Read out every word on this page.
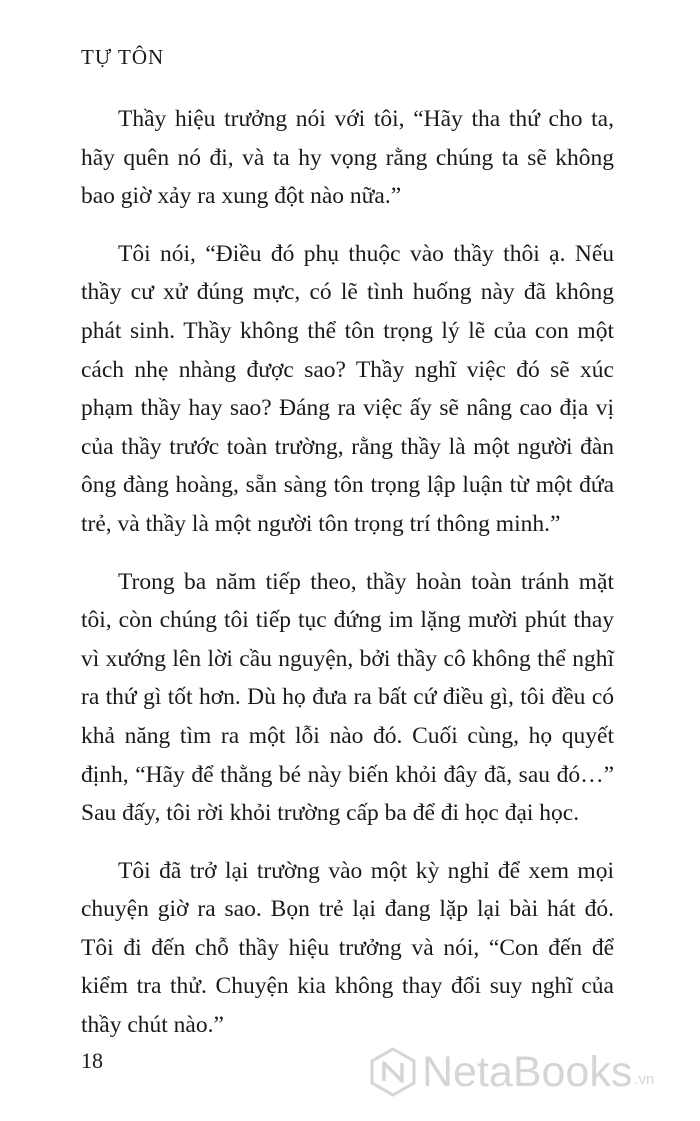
TỰ TÔN

Thầy hiệu trưởng nói với tôi, “Hãy tha thứ cho ta, hãy quên nó đi, và ta hy vọng rằng chúng ta sẽ không bao giờ xảy ra xung đột nào nữa.”

Tôi nói, “Điều đó phụ thuộc vào thầy thôi ạ. Nếu thầy cư xử đúng mực, có lẽ tình huống này đã không phát sinh. Thầy không thể tôn trọng lý lẽ của con một cách nhẹ nhàng được sao? Thầy nghĩ việc đó sẽ xúc phạm thầy hay sao? Đáng ra việc ấy sẽ nâng cao địa vị của thầy trước toàn trường, rằng thầy là một người đàn ông đàng hoàng, sẵn sàng tôn trọng lập luận từ một đứa trẻ, và thầy là một người tôn trọng trí thông minh.”

Trong ba năm tiếp theo, thầy hoàn toàn tránh mặt tôi, còn chúng tôi tiếp tục đứng im lặng mười phút thay vì xướng lên lời cầu nguyện, bởi thầy cô không thể nghĩ ra thứ gì tốt hơn. Dù họ đưa ra bất cứ điều gì, tôi đều có khả năng tìm ra một lỗi nào đó. Cuối cùng, họ quyết định, “Hãy để thằng bé này biến khỏi đây đã, sau đó…” Sau đấy, tôi rời khỏi trường cấp ba để đi học đại học.

Tôi đã trở lại trường vào một kỳ nghỉ để xem mọi chuyện giờ ra sao. Bọn trẻ lại đang lặp lại bài hát đó. Tôi đi đến chỗ thầy hiệu trưởng và nói, “Con đến để kiểm tra thử. Chuyện kia không thay đổi suy nghĩ của thầy chút nào.”

18	NetaBooks .vn
